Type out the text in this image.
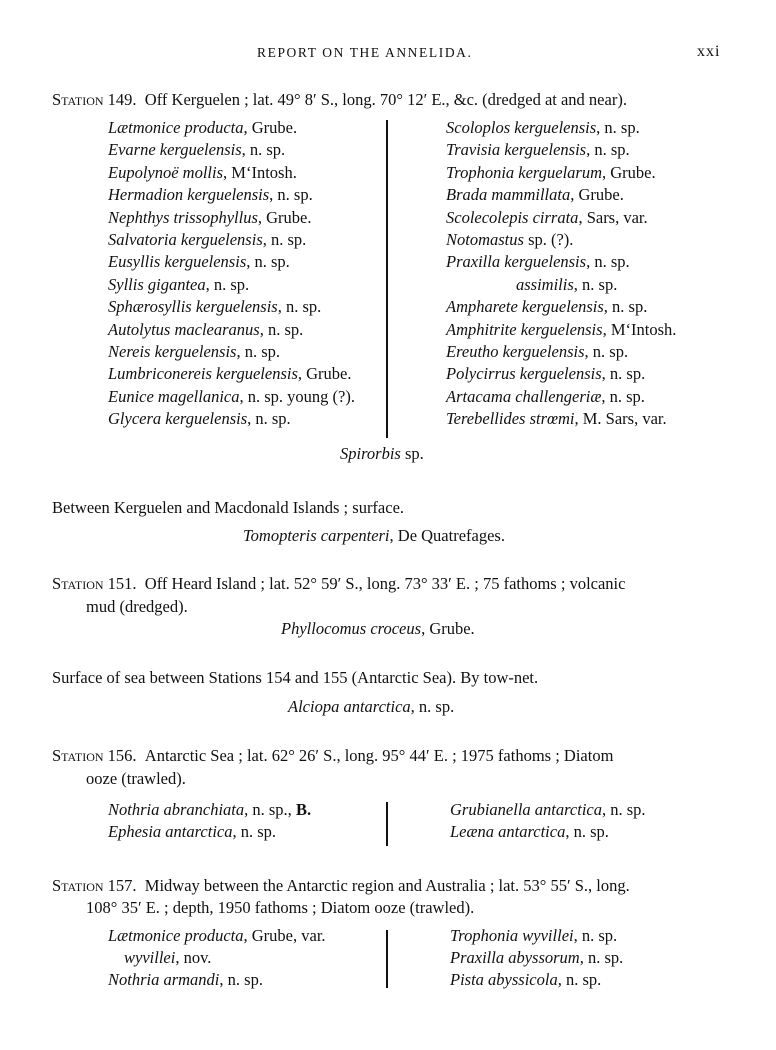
REPORT ON THE ANNELIDA.	xxi
Station 149. Off Kerguelen ; lat. 49° 8′ S., long. 70° 12′ E., &c. (dredged at and near).
Lætmonice producta, Grube.
Evarne kerguelensis, n. sp.
Eupolynoë mollis, M‘Intosh.
Hermadion kerguelensis, n. sp.
Nephthys trissophyllus, Grube.
Salvatoria kerguelensis, n. sp.
Eusyllis kerguelensis, n. sp.
Syllis gigantea, n. sp.
Sphærosyllis kerguelensis, n. sp.
Autolytus maclearanus, n. sp.
Nereis kerguelensis, n. sp.
Lumbriconereis kerguelensis, Grube.
Eunice magellanica, n. sp. young (?).
Glycera kerguelensis, n. sp.
Scoloplos kerguelensis, n. sp.
Travisia kerguelensis, n. sp.
Trophonia kerguelarum, Grube.
Brada mammillata, Grube.
Scolecolepis cirrata, Sars, var.
Notomastus sp. (?).
Praxilla kerguelensis, n. sp.
assimilis, n. sp.
Ampharete kerguelensis, n. sp.
Amphitrite kerguelensis, M‘Intosh.
Ereutho kerguelensis, n. sp.
Polycirrus kerguelensis, n. sp.
Artacama challengeriæ, n. sp.
Terebellides strœmi, M. Sars, var.
Spirorbis sp.
Between Kerguelen and Macdonald Islands ; surface.
Tomopteris carpenteri, De Quatrefages.
Station 151. Off Heard Island ; lat. 52° 59′ S., long. 73° 33′ E. ; 75 fathoms ; volcanic
mud (dredged).
Phyllocomus croceus, Grube.
Surface of sea between Stations 154 and 155 (Antarctic Sea). By tow-net.
Alciopa antarctica, n. sp.
Station 156. Antarctic Sea ; lat. 62° 26′ S., long. 95° 44′ E. ; 1975 fathoms ; Diatom
ooze (trawled).
Nothria abranchiata, n. sp., B.
Ephesia antarctica, n. sp.
Grubianella antarctica, n. sp.
Leæna antarctica, n. sp.
Station 157. Midway between the Antarctic region and Australia ; lat. 53° 55′ S., long.
108° 35′ E. ; depth, 1950 fathoms ; Diatom ooze (trawled).
Lætmonice producta, Grube, var.
wyvillei, nov.
Nothria armandi, n. sp.
Trophonia wyvillei, n. sp.
Praxilla abyssorum, n. sp.
Pista abyssicola, n. sp.
